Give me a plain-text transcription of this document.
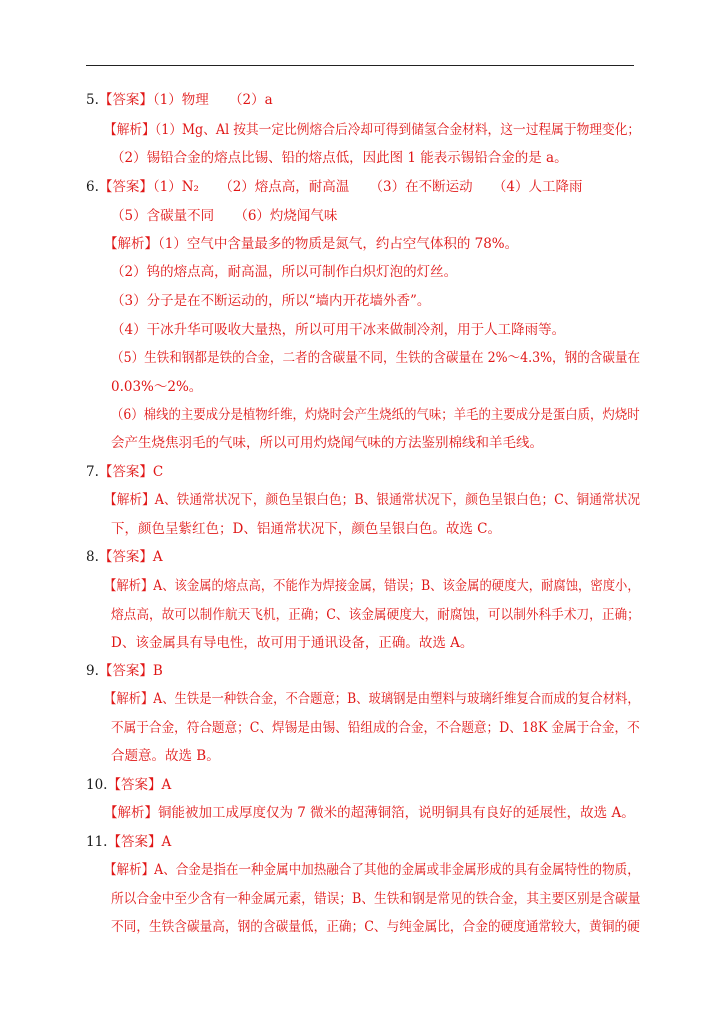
5.【答案】（1）物理　　（2）a
【解析】（1）Mg、Al 按其一定比例熔合后冷却可得到储氢合金材料，这一过程属于物理变化；
（2）锡铅合金的熔点比锡、铅的熔点低，因此图 1 能表示锡铅合金的是 a。
6.【答案】（1）N₂　　（2）熔点高，耐高温　　（3）在不断运动　　（4）人工降雨
（5）含碳量不同　　（6）灼烧闻气味
【解析】（1）空气中含量最多的物质是氮气，约占空气体积的 78%。
（2）钨的熔点高，耐高温，所以可制作白炽灯泡的灯丝。
（3）分子是在不断运动的，所以“墙内开花墙外香”。
（4）干冰升华可吸收大量热，所以可用干冰来做制冷剂，用于人工降雨等。
（5）生铁和钢都是铁的合金，二者的含碳量不同，生铁的含碳量在 2%～4.3%，钢的含碳量在
0.03%～2%。
（6）棉线的主要成分是植物纤维，灼烧时会产生烧纸的气味；羊毛的主要成分是蛋白质，灼烧时
会产生烧焦羽毛的气味，所以可用灼烧闻气味的方法鉴别棉线和羊毛线。
7.【答案】C
【解析】A、铁通常状况下，颜色呈银白色；B、银通常状况下，颜色呈银白色；C、铜通常状况
下，颜色呈紫红色；D、铝通常状况下，颜色呈银白色。故选 C。
8.【答案】A
【解析】A、该金属的熔点高，不能作为焊接金属，错误；B、该金属的硬度大，耐腐蚀，密度小，
熔点高，故可以制作航天飞机，正确；C、该金属硬度大，耐腐蚀，可以制外科手术刀，正确；
D、该金属具有导电性，故可用于通讯设备，正确。故选 A。
9.【答案】B
【解析】A、生铁是一种铁合金，不合题意；B、玻璃钢是由塑料与玻璃纤维复合而成的复合材料，
不属于合金，符合题意；C、焊锡是由锡、铅组成的合金，不合题意；D、18K 金属于合金，不
合题意。故选 B。
10.【答案】A
【解析】铜能被加工成厚度仅为 7 微米的超薄铜箔，说明铜具有良好的延展性，故选 A。
11.【答案】A
【解析】A、合金是指在一种金属中加热融合了其他的金属或非金属形成的具有金属特性的物质，
所以合金中至少含有一种金属元素，错误；B、生铁和钢是常见的铁合金，其主要区别是含碳量
不同，生铁含碳量高，钢的含碳量低，正确；C、与纯金属比，合金的硬度通常较大，黄铜的硬
